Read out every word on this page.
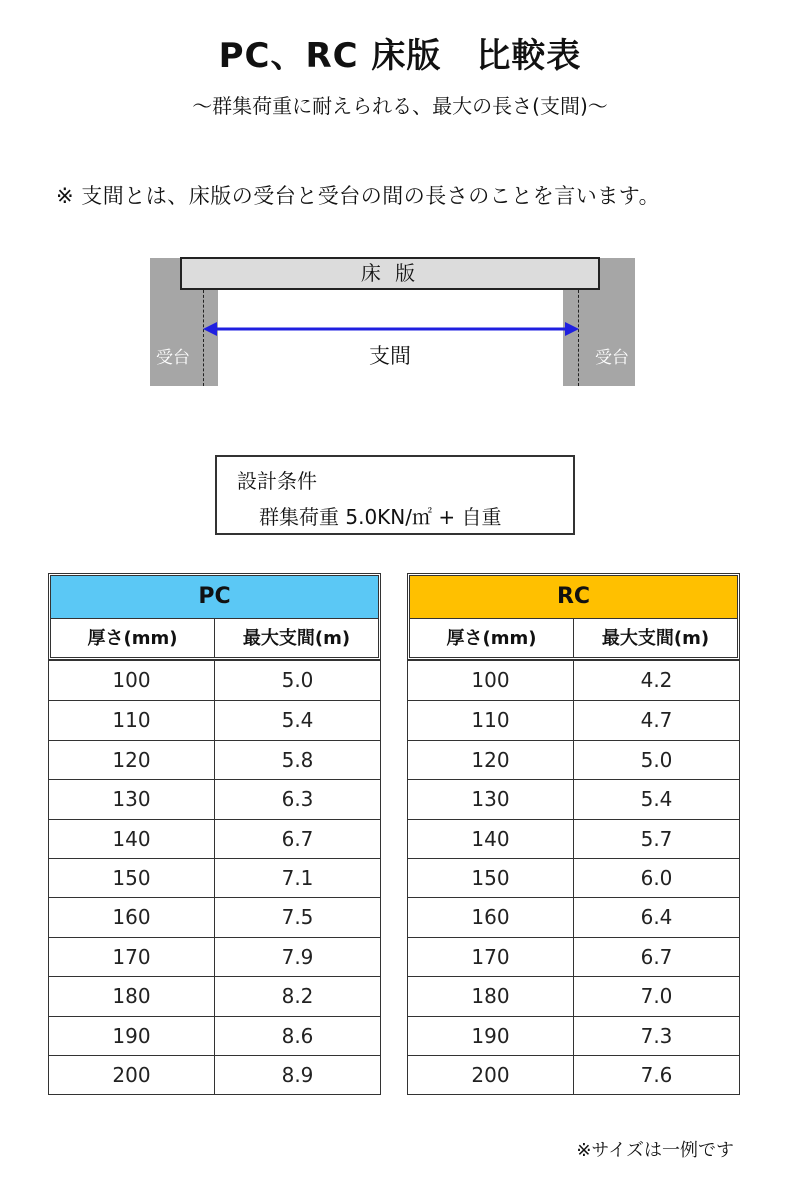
PC、RC 床版　比較表
～群集荷重に耐えられる、最大の長さ(支間)～
※ 支間とは、床版の受台と受台の間の長さのことを言います。
受台	受台
床 版
支間
設計条件
群集荷重 5.0KN/㎡ + 自重
PC
厚さ(mm)	最大支間(m)
100	5.0
110	5.4
120	5.8
130	6.3
140	6.7
150	7.1
160	7.5
170	7.9
180	8.2
190	8.6
200	8.9
RC
厚さ(mm)	最大支間(m)
100	4.2
110	4.7
120	5.0
130	5.4
140	5.7
150	6.0
160	6.4
170	6.7
180	7.0
190	7.3
200	7.6
※サイズは一例です
